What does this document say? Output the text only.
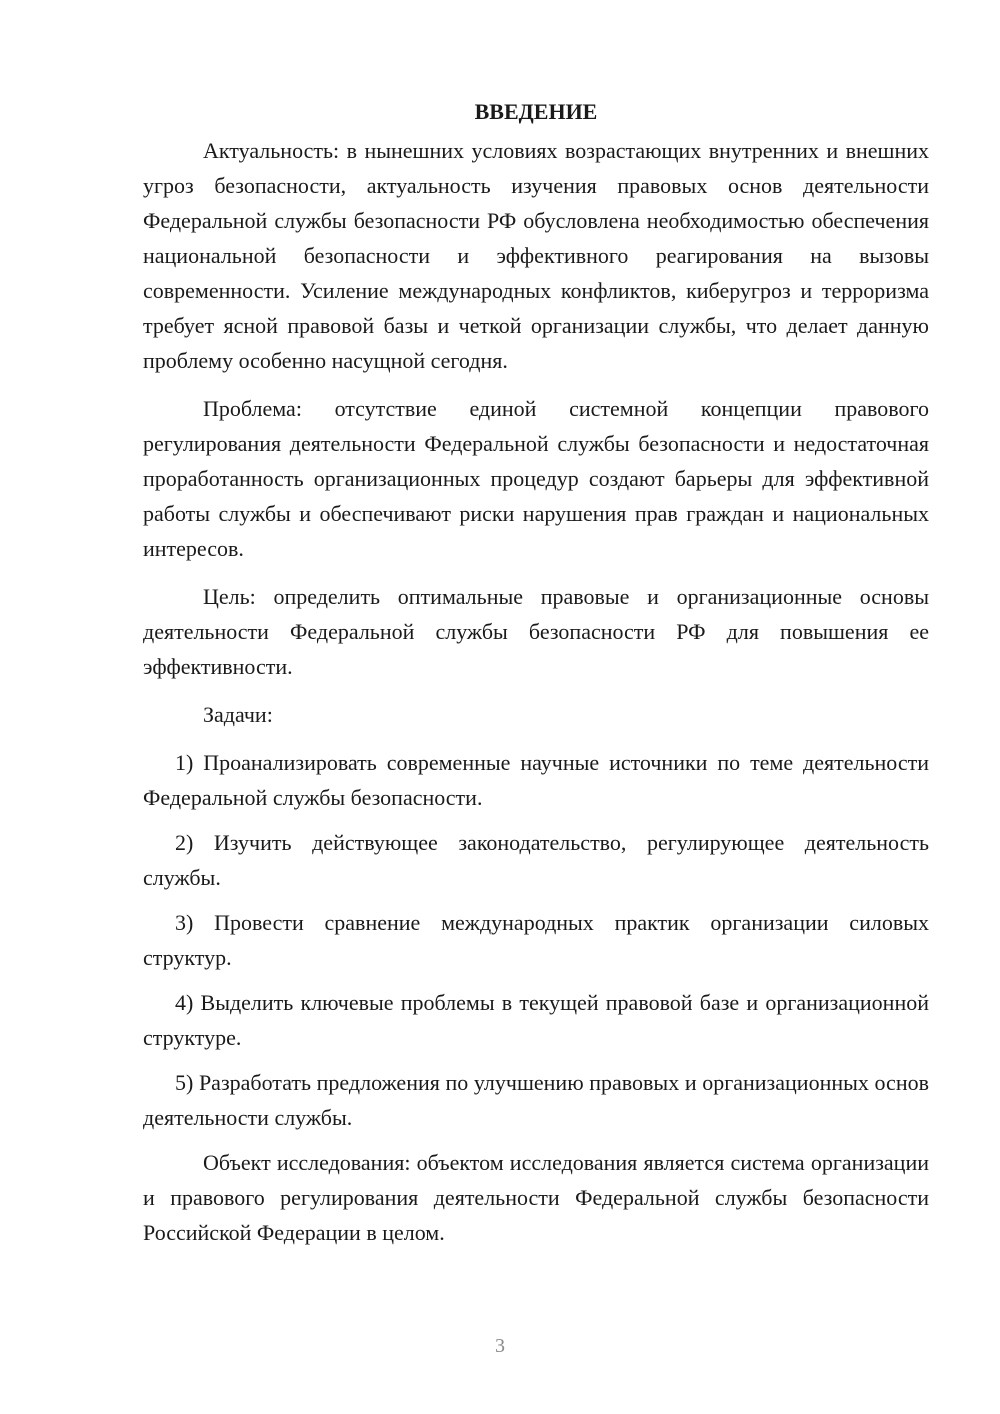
ВВЕДЕНИЕ

Актуальность: в нынешних условиях возрастающих внутренних и внешних угроз безопасности, актуальность изучения правовых основ деятельности Федеральной службы безопасности РФ обусловлена необходимостью обеспечения национальной безопасности и эффективного реагирования на вызовы современности. Усиление международных конфликтов, киберугроз и терроризма требует ясной правовой базы и четкой организации службы, что делает данную проблему особенно насущной сегодня.

Проблема: отсутствие единой системной концепции правового регулирования деятельности Федеральной службы безопасности и недостаточная проработанность организационных процедур создают барьеры для эффективной работы службы и обеспечивают риски нарушения прав граждан и национальных интересов.

Цель: определить оптимальные правовые и организационные основы деятельности Федеральной службы безопасности РФ для повышения ее эффективности.

Задачи:

1) Проанализировать современные научные источники по теме деятельности Федеральной службы безопасности.

2) Изучить действующее законодательство, регулирующее деятельность службы.

3) Провести сравнение международных практик организации силовых структур.

4) Выделить ключевые проблемы в текущей правовой базе и организационной структуре.

5) Разработать предложения по улучшению правовых и организационных основ деятельности службы.

Объект исследования: объектом исследования является система организации и правового регулирования деятельности Федеральной службы безопасности Российской Федерации в целом.

3
